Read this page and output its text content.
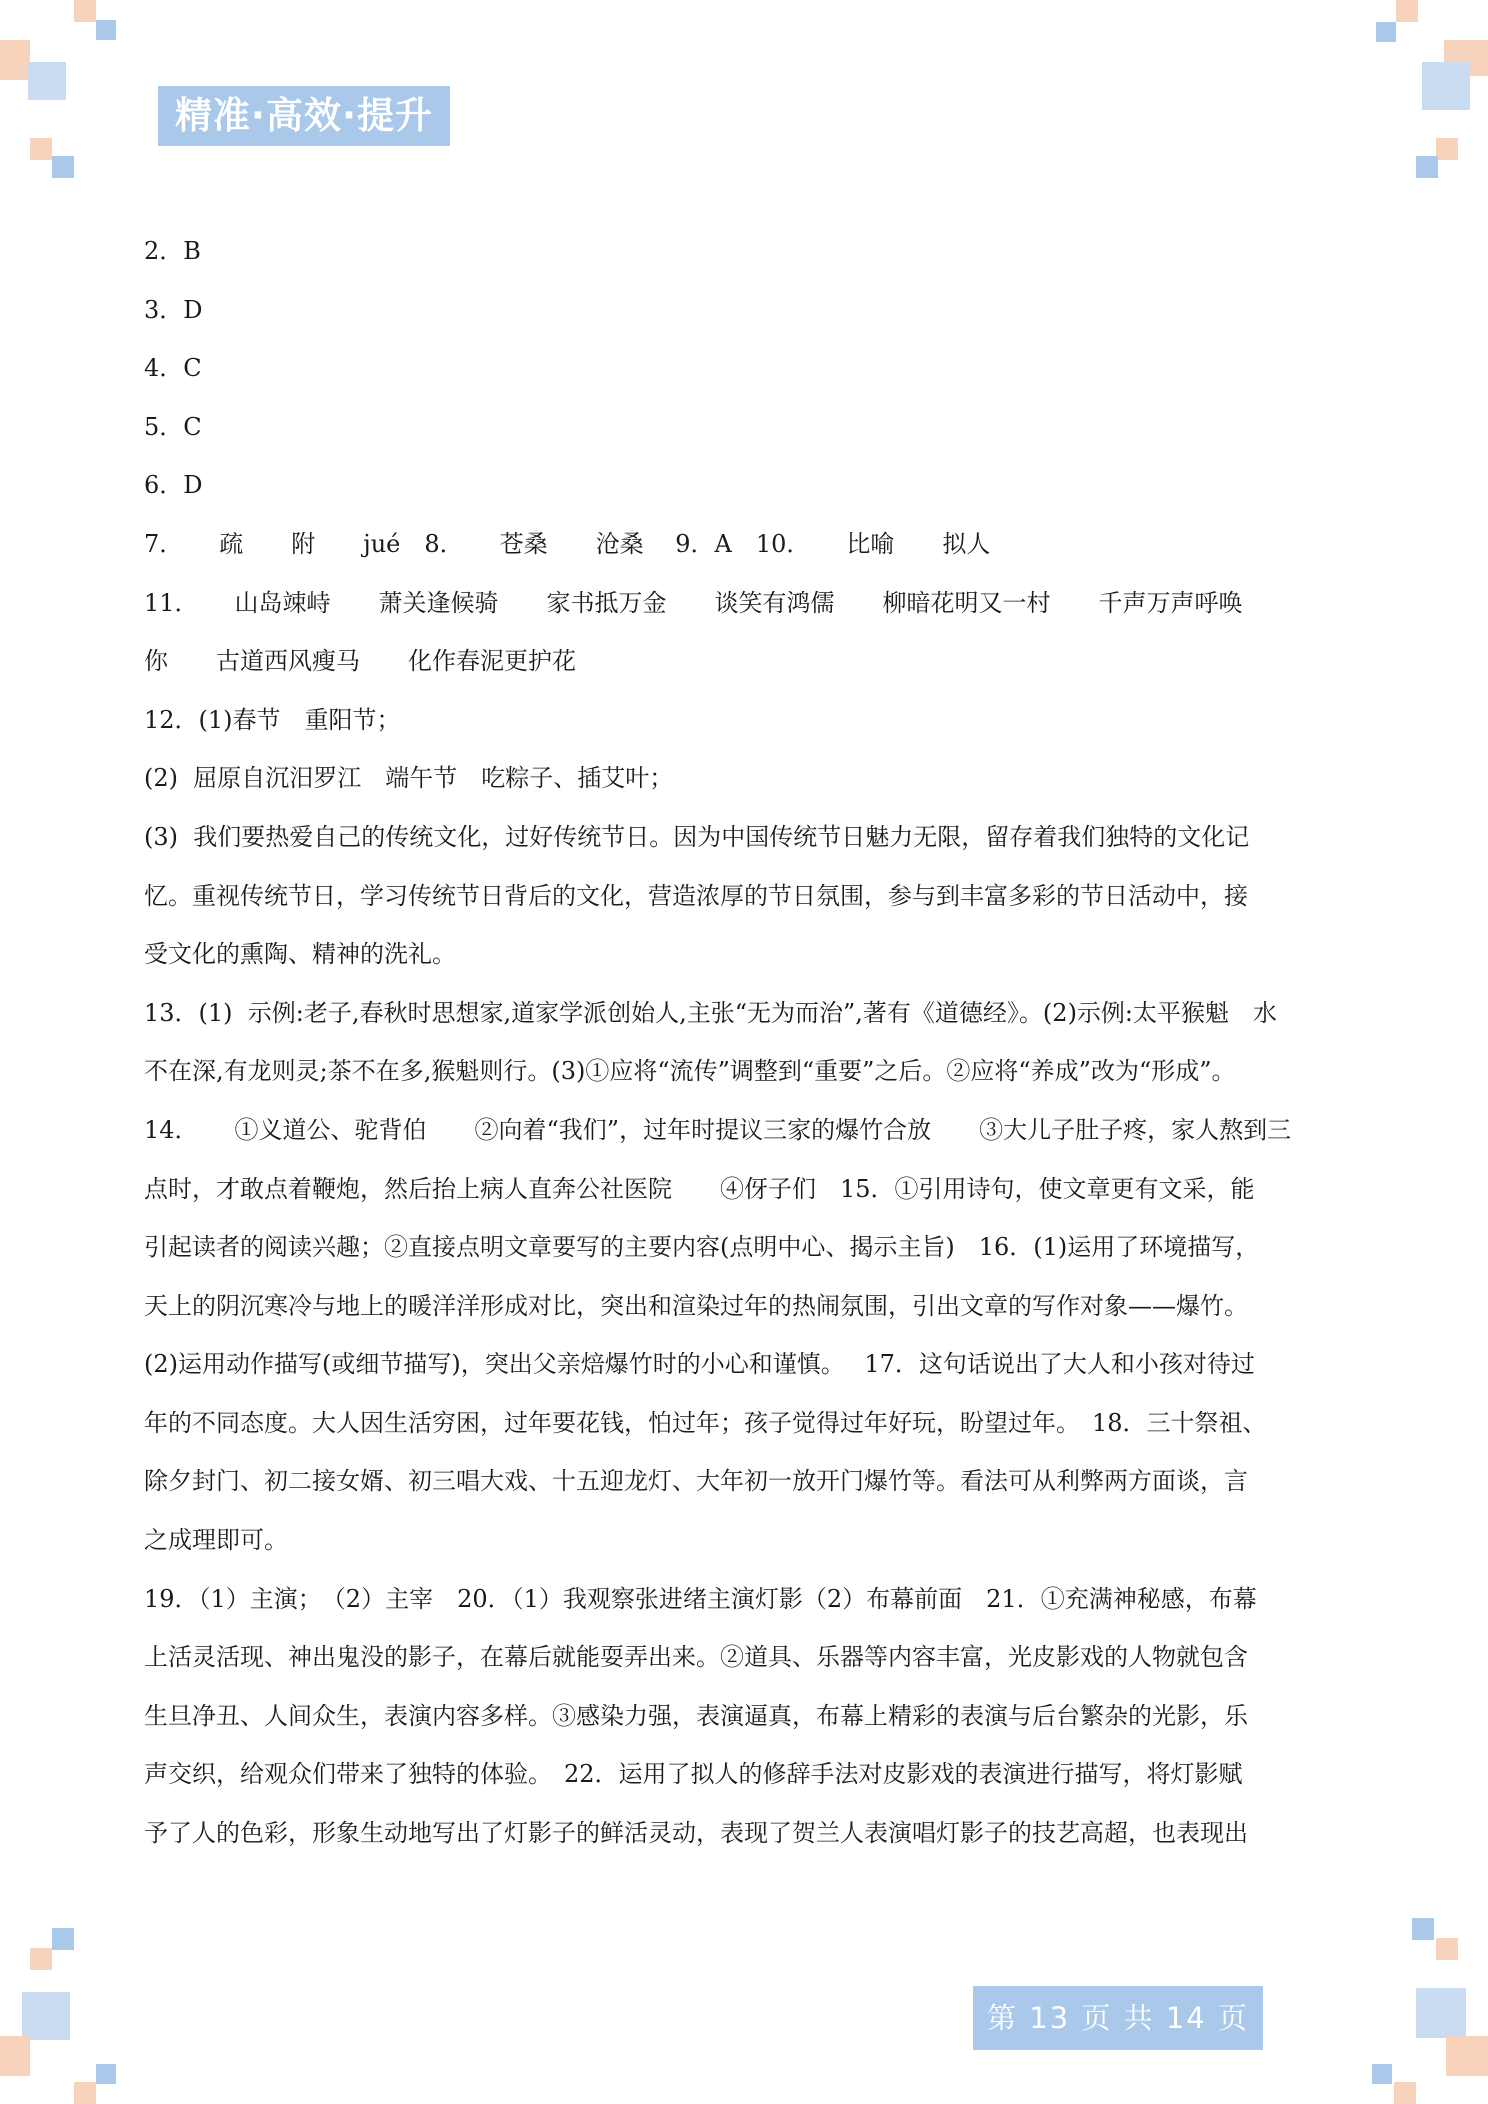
精准·高效·提升
2．B
3．D
4．C
5．C
6．D
7．　　疏　　附　　jué　8．　　苍桑　　沧桑　 9．A　10．　　比喻　　拟人
11．　　山岛竦峙　　萧关逢候骑　　家书抵万金　　谈笑有鸿儒　　柳暗花明又一村　　千声万声呼唤
你　　古道西风瘦马　　化作春泥更护花
12．(1)春节　重阳节；
(2)  屈原自沉汨罗江　端午节　吃粽子、插艾叶；
(3)  我们要热爱自己的传统文化，过好传统节日。因为中国传统节日魅力无限，留存着我们独特的文化记
忆。重视传统节日，学习传统节日背后的文化，营造浓厚的节日氛围，参与到丰富多彩的节日活动中，接
受文化的熏陶、精神的洗礼。
13．(1)  示例:老子,春秋时思想家,道家学派创始人,主张“无为而治”,著有《道德经》。(2)示例:太平猴魁　水
不在深,有龙则灵;茶不在多,猴魁则行。(3)①应将“流传”调整到“重要”之后。②应将“养成”改为“形成”。
14．　　①义道公、驼背伯　　②向着“我们”，过年时提议三家的爆竹合放　　③大儿子肚子疼，家人熬到三
点时，才敢点着鞭炮，然后抬上病人直奔公社医院　　④伢子们　15．①引用诗句，使文章更有文采，能
引起读者的阅读兴趣；②直接点明文章要写的主要内容(点明中心、揭示主旨)　16．(1)运用了环境描写，
天上的阴沉寒冷与地上的暖洋洋形成对比，突出和渲染过年的热闹氛围，引出文章的写作对象——爆竹。
(2)运用动作描写(或细节描写)，突出父亲焙爆竹时的小心和谨慎。　 17．这句话说出了大人和小孩对待过
年的不同态度。大人因生活穷困，过年要花钱，怕过年；孩子觉得过年好玩，盼望过年。　18．三十祭祖、
除夕封门、初二接女婿、初三唱大戏、十五迎龙灯、大年初一放开门爆竹等。看法可从利弊两方面谈，言
之成理即可。
19．（1）主演；　（2）主宰　20．（1）我观察张进绪主演灯影（2）布幕前面　21．①充满神秘感，布幕
上活灵活现、神出鬼没的影子，在幕后就能耍弄出来。②道具、乐器等内容丰富，光皮影戏的人物就包含
生旦净丑、人间众生，表演内容多样。③感染力强，表演逼真，布幕上精彩的表演与后台繁杂的光影，乐
声交织，给观众们带来了独特的体验。　22．运用了拟人的修辞手法对皮影戏的表演进行描写，将灯影赋
予了人的色彩，形象生动地写出了灯影子的鲜活灵动，表现了贺兰人表演唱灯影子的技艺高超，也表现出
第 13 页 共 14 页
